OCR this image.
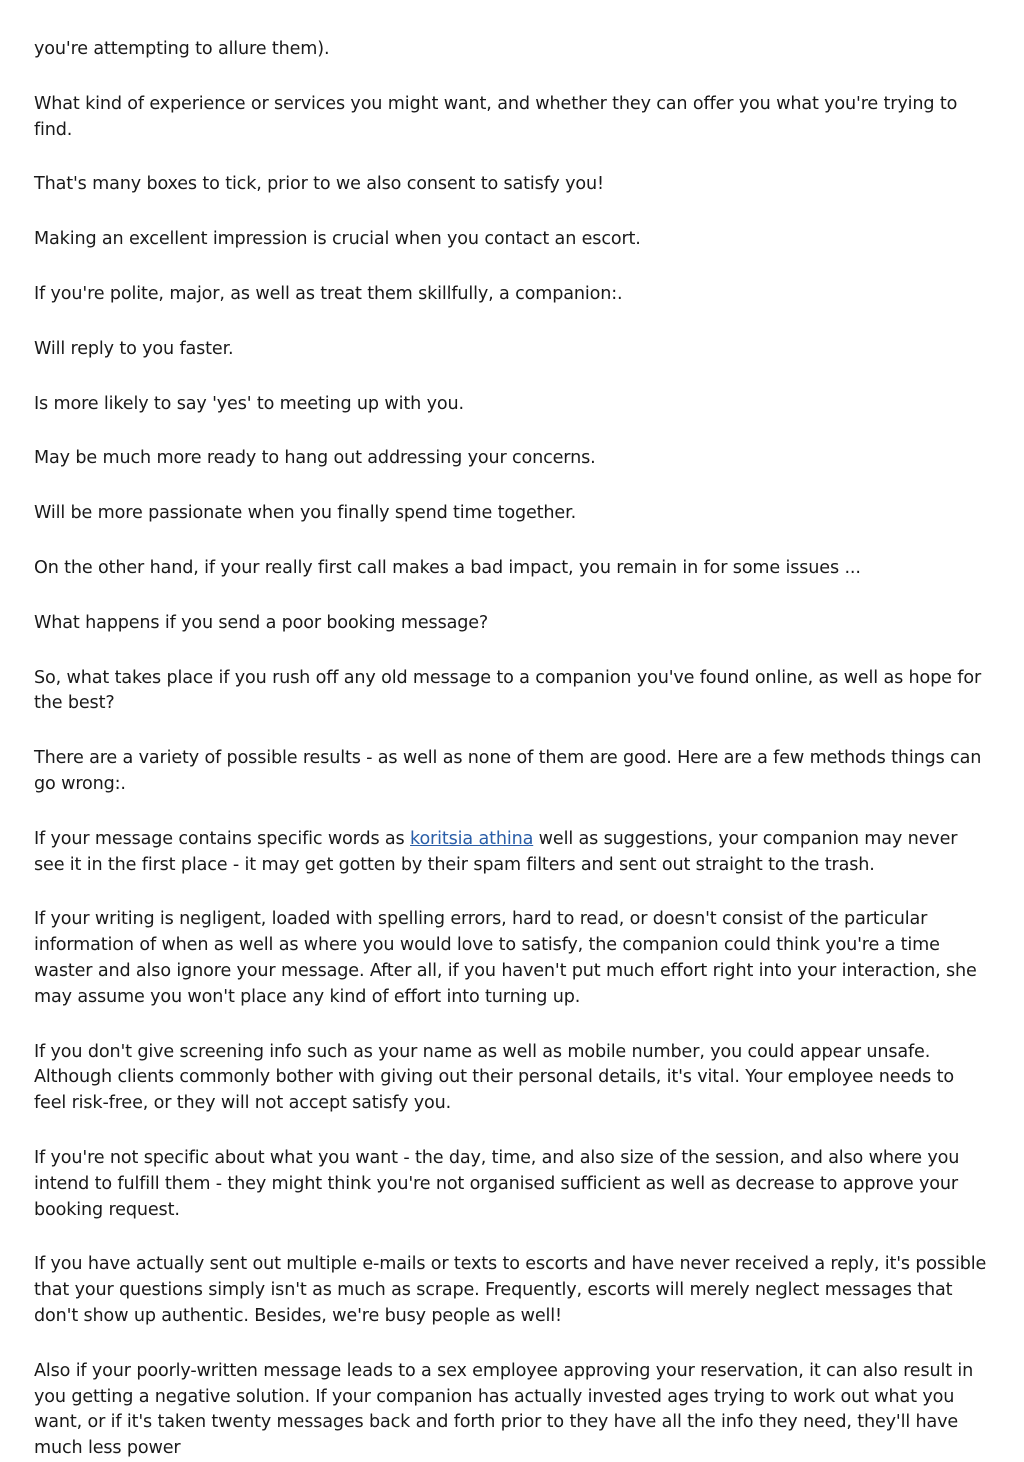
you're attempting to allure them).

What kind of experience or services you might want, and whether they can offer you what you're trying to find.

That's many boxes to tick, prior to we also consent to satisfy you!

Making an excellent impression is crucial when you contact an escort.

If you're polite, major, as well as treat them skillfully, a companion:.

Will reply to you faster.

Is more likely to say 'yes' to meeting up with you.

May be much more ready to hang out addressing your concerns.

Will be more passionate when you finally spend time together.

On the other hand, if your really first call makes a bad impact, you remain in for some issues ...

What happens if you send a poor booking message?

So, what takes place if you rush off any old message to a companion you've found online, as well as hope for the best?

There are a variety of possible results - as well as none of them are good. Here are a few methods things can go wrong:.

If your message contains specific words as koritsia athina well as suggestions, your companion may never see it in the first place - it may get gotten by their spam filters and sent out straight to the trash.

If your writing is negligent, loaded with spelling errors, hard to read, or doesn't consist of the particular information of when as well as where you would love to satisfy, the companion could think you're a time waster and also ignore your message. After all, if you haven't put much effort right into your interaction, she may assume you won't place any kind of effort into turning up.

If you don't give screening info such as your name as well as mobile number, you could appear unsafe. Although clients commonly bother with giving out their personal details, it's vital. Your employee needs to feel risk-free, or they will not accept satisfy you.

If you're not specific about what you want - the day, time, and also size of the session, and also where you intend to fulfill them - they might think you're not organised sufficient as well as decrease to approve your booking request.

If you have actually sent out multiple e-mails or texts to escorts and have never received a reply, it's possible that your questions simply isn't as much as scrape. Frequently, escorts will merely neglect messages that don't show up authentic. Besides, we're busy people as well!

Also if your poorly-written message leads to a sex employee approving your reservation, it can also result in you getting a negative solution. If your companion has actually invested ages trying to work out what you want, or if it's taken twenty messages back and forth prior to they have all the info they need, they'll have much less power
